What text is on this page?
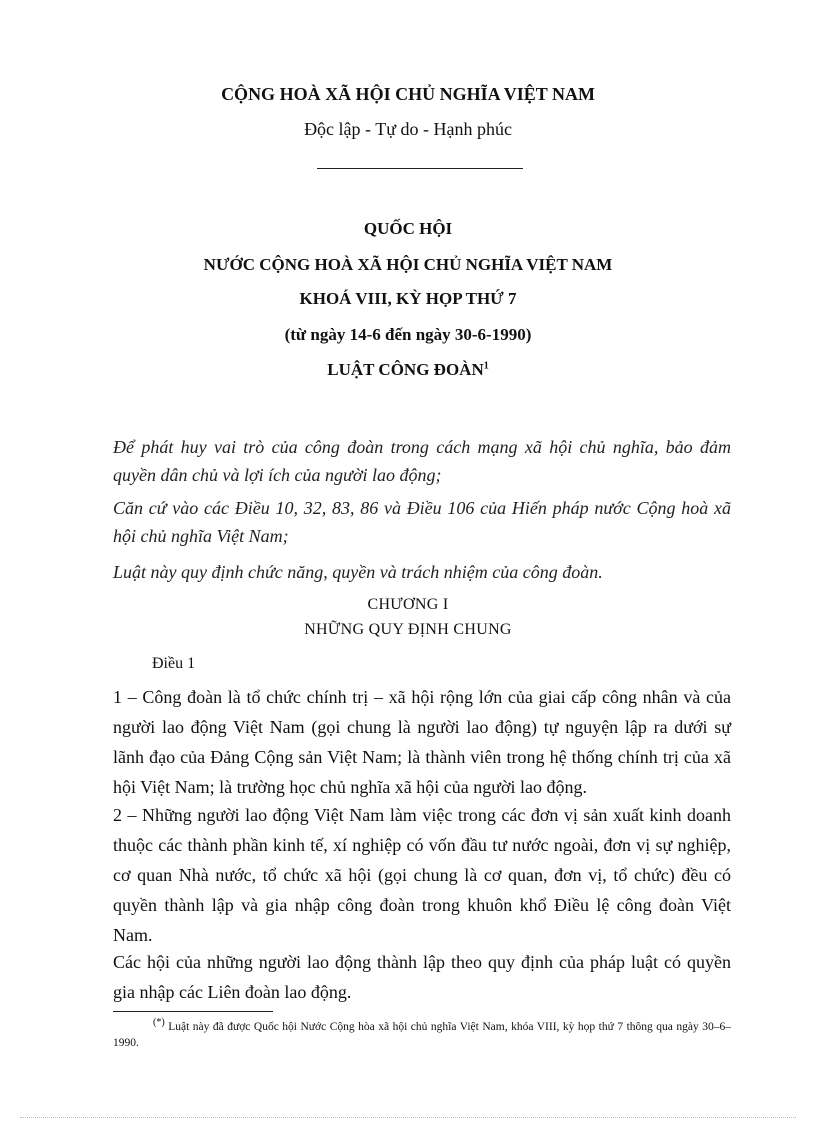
CỘNG HOÀ XÃ HỘI CHỦ NGHĨA VIỆT NAM
Độc lập - Tự do - Hạnh phúc
QUỐC HỘI
NƯỚC CỘNG HOÀ XÃ HỘI CHỦ NGHĨA VIỆT NAM
KHOÁ VIII, KỲ HỌP THỨ 7
(từ ngày 14-6 đến ngày 30-6-1990)
LUẬT CÔNG ĐOÀN$^1$
Để phát huy vai trò của công đoàn trong cách mạng xã hội chủ nghĩa, bảo đảm quyền dân chủ và lợi ích của người lao động;
Căn cứ vào các Điều 10, 32, 83, 86 và Điều 106 của Hiến pháp nước Cộng hoà xã hội chủ nghĩa Việt Nam;
Luật này quy định chức năng, quyền và trách nhiệm của công đoàn.
CHƯƠNG I
NHỮNG QUY ĐỊNH CHUNG
Điều 1
1 – Công đoàn là tổ chức chính trị – xã hội rộng lớn của giai cấp công nhân và của người lao động Việt Nam (gọi chung là người lao động) tự nguyện lập ra dưới sự lãnh đạo của Đảng Cộng sản Việt Nam; là thành viên trong hệ thống chính trị của xã hội Việt Nam; là trường học chủ nghĩa xã hội của người lao động.
2 – Những người lao động Việt Nam làm việc trong các đơn vị sản xuất kinh doanh thuộc các thành phần kinh tế, xí nghiệp có vốn đầu tư nước ngoài, đơn vị sự nghiệp, cơ quan Nhà nước, tổ chức xã hội (gọi chung là cơ quan, đơn vị, tổ chức) đều có quyền thành lập và gia nhập công đoàn trong khuôn khổ Điều lệ công đoàn Việt Nam.
Các hội của những người lao động thành lập theo quy định của pháp luật có quyền gia nhập các Liên đoàn lao động.
(*) Luật này đã được Quốc hội Nước Cộng hòa xã hội chủ nghĩa Việt Nam, khóa VIII, kỳ họp thứ 7 thông qua ngày 30–6–1990.
